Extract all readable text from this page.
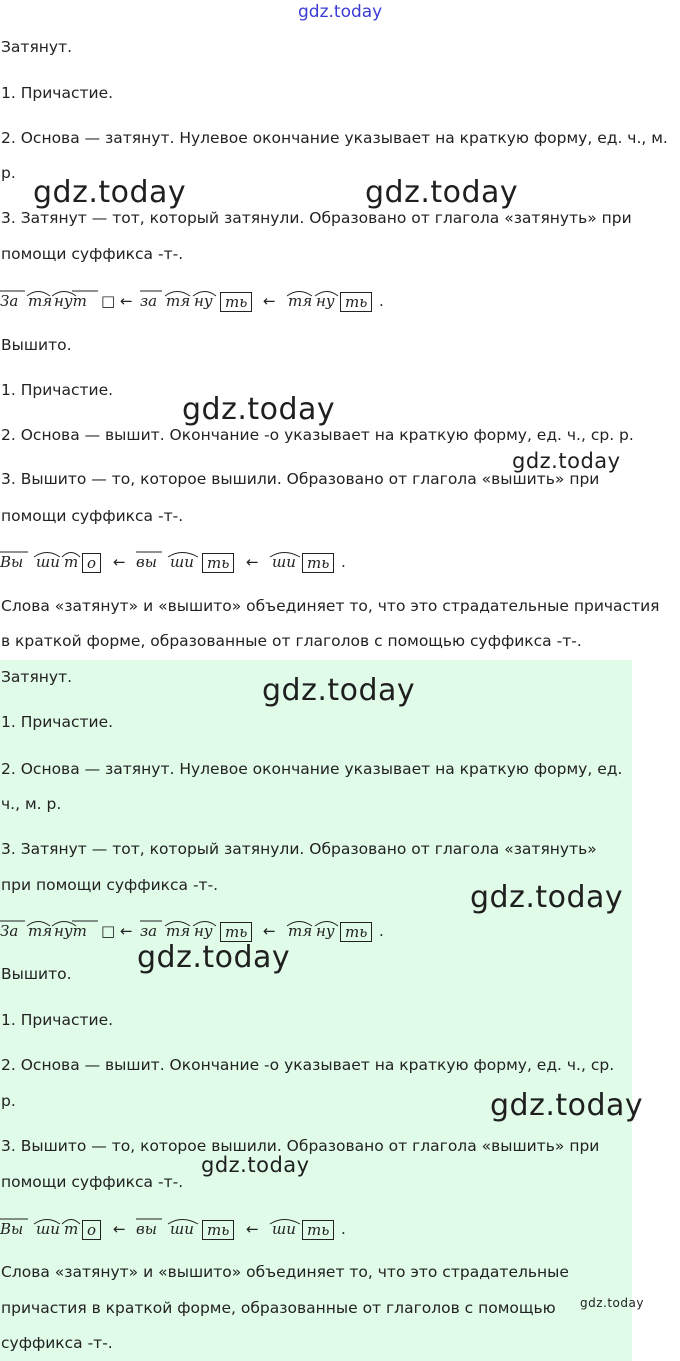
gdz.today
Затянут.
1. Причастие.
2. Основа — затянут. Нулевое окончание указывает на краткую форму, ед. ч., м.
р.
3. Затянут — тот, который затянули. Образовано от глагола «затянуть» при
помощи суффикса -т-.
За тя нут □ ← за тя ну ть	← тя ну ть .
Вышито.
1. Причастие.
2. Основа — вышит. Окончание -о указывает на краткую форму, ед. ч., ср. р.
3. Вышито — то, которое вышили. Образовано от глагола «вышить» при
помощи суффикса -т-.
Вы ши т о	← вы ши ть	← ши ть .
Слова «затянут» и «вышито» объединяет то, что это страдательные причастия
в краткой форме, образованные от глаголов с помощью суффикса -т-.
Затянут.
1. Причастие.
2. Основа — затянут. Нулевое окончание указывает на краткую форму, ед.
ч., м. р.
3. Затянут — тот, который затянули. Образовано от глагола «затянуть»
при помощи суффикса -т-.
За тя нут □ ← за тя ну ть	← тя ну ть .
Вышито.
1. Причастие.
2. Основа — вышит. Окончание -о указывает на краткую форму, ед. ч., ср.
р.
3. Вышито — то, которое вышили. Образовано от глагола «вышить» при
помощи суффикса -т-.
Вы ши т о	← вы ши ть	← ши ть .
Слова «затянут» и «вышито» объединяет то, что это страдательные
причастия в краткой форме, образованные от глаголов с помощью
суффикса -т-.
gdz.today	gdz.today
gdz.today
gdz.today
gdz.today
gdz.today
gdz.today
gdz.today
gdz.today
gdz.today
